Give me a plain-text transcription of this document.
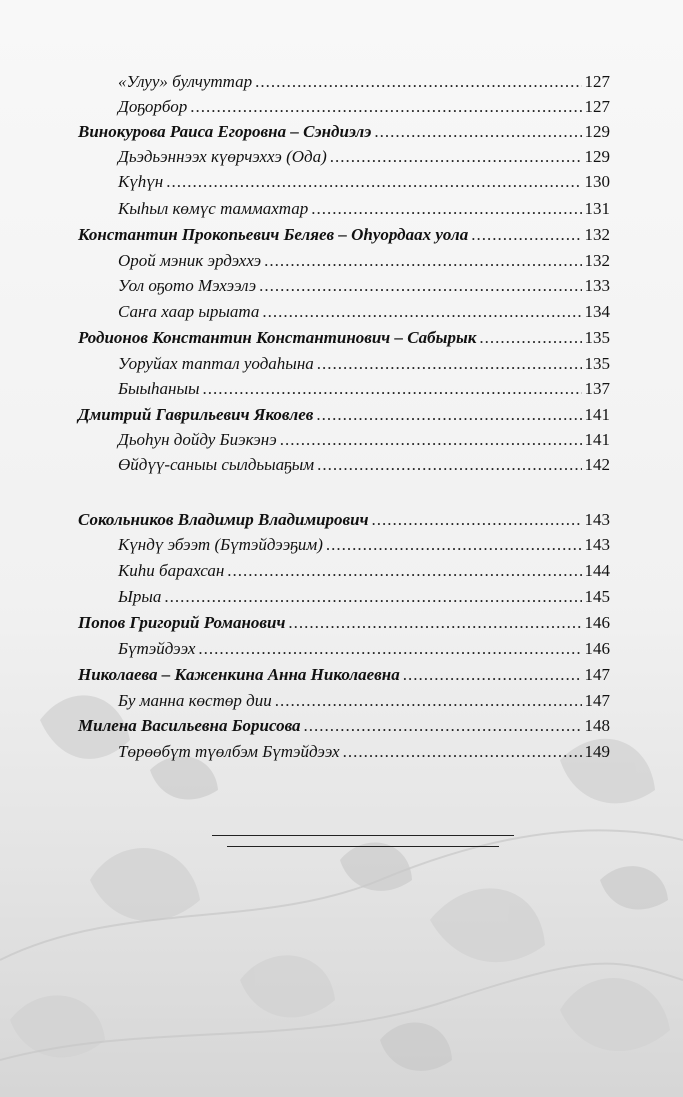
«Улуу» булчуттар .....	127
Доҕорбор .....	127
Винокурова Раиса Егоровна – Сэндиэлэ .....	129
Дьэдьэннээх күөрчэххэ (Ода) .....	129
Күһүн .....	130
Кыһыл көмүс таммахтар .....	131
Константин Прокопьевич Беляев – Оһуордаах уола .....	132
Орой мэник эрдэххэ .....	132
Уол оҕото Мэхээлэ .....	133
Саҥа хаар ырыата .....	134
Родионов Константин Константинович – Сабырык .....	135
Уоруйах таптал уодаһына .....	135
Быыһаныы .....	137
Дмитрий Гаврильевич Яковлев .....	141
Дьоһун дойду Биэкэнэ .....	141
Өйдүү-саныы сылдьыаҕым .....	142
Сокольников Владимир Владимирович .....	143
Күндү эбээт (Бүтэйдээҕим) .....	143
Киһи барахсан .....	144
Ырыа .....	145
Попов Григорий Романович .....	146
Бүтэйдээх .....	146
Николаева – Каженкина Анна Николаевна .....	147
Бу манна көстөр дии .....	147
Милена Васильевна Борисова .....	148
Төрөөбүт түөлбэм Бүтэйдээх .....	149
